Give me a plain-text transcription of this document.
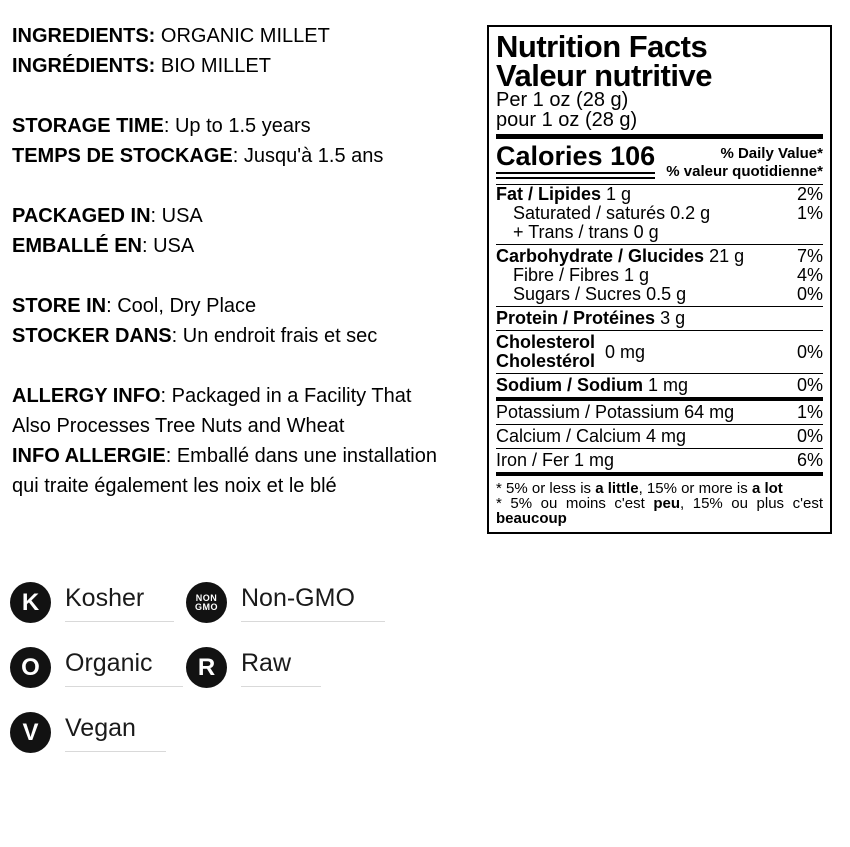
INGREDIENTS: ORGANIC MILLET
INGRÉDIENTS: BIO MILLET
STORAGE TIME: Up to 1.5 years
TEMPS DE STOCKAGE: Jusqu'à 1.5 ans
PACKAGED IN: USA
EMBALLÉ EN: USA
STORE IN: Cool, Dry Place
STOCKER DANS: Un endroit frais et sec
ALLERGY INFO: Packaged in a Facility That
Also Processes Tree Nuts and Wheat
INFO ALLERGIE: Emballé dans une installation
qui traite également les noix et le blé
Nutrition Facts
Valeur nutritive
Per 1 oz (28 g)
pour 1 oz (28 g)
Calories 106	% Daily Value*
% valeur quotidienne*
Fat / Lipides 1 g	2%
Saturated / saturés 0.2 g	1%
+ Trans / trans 0 g
Carbohydrate / Glucides 21 g	7%
Fibre / Fibres 1 g	4%
Sugars / Sucres 0.5 g	0%
Protein / Protéines 3 g
Cholesterol
Cholestérol 0 mg	0%
Sodium / Sodium 1 mg	0%
Potassium / Potassium 64 mg	1%
Calcium / Calcium 4 mg	0%
Iron / Fer 1 mg	6%
* 5% or less is a little, 15% or more is a lot
* 5% ou moins c'est peu, 15% ou plus c'est beaucoup
K Kosher	NON
GMO Non-GMO
O Organic	R Raw
V Vegan
